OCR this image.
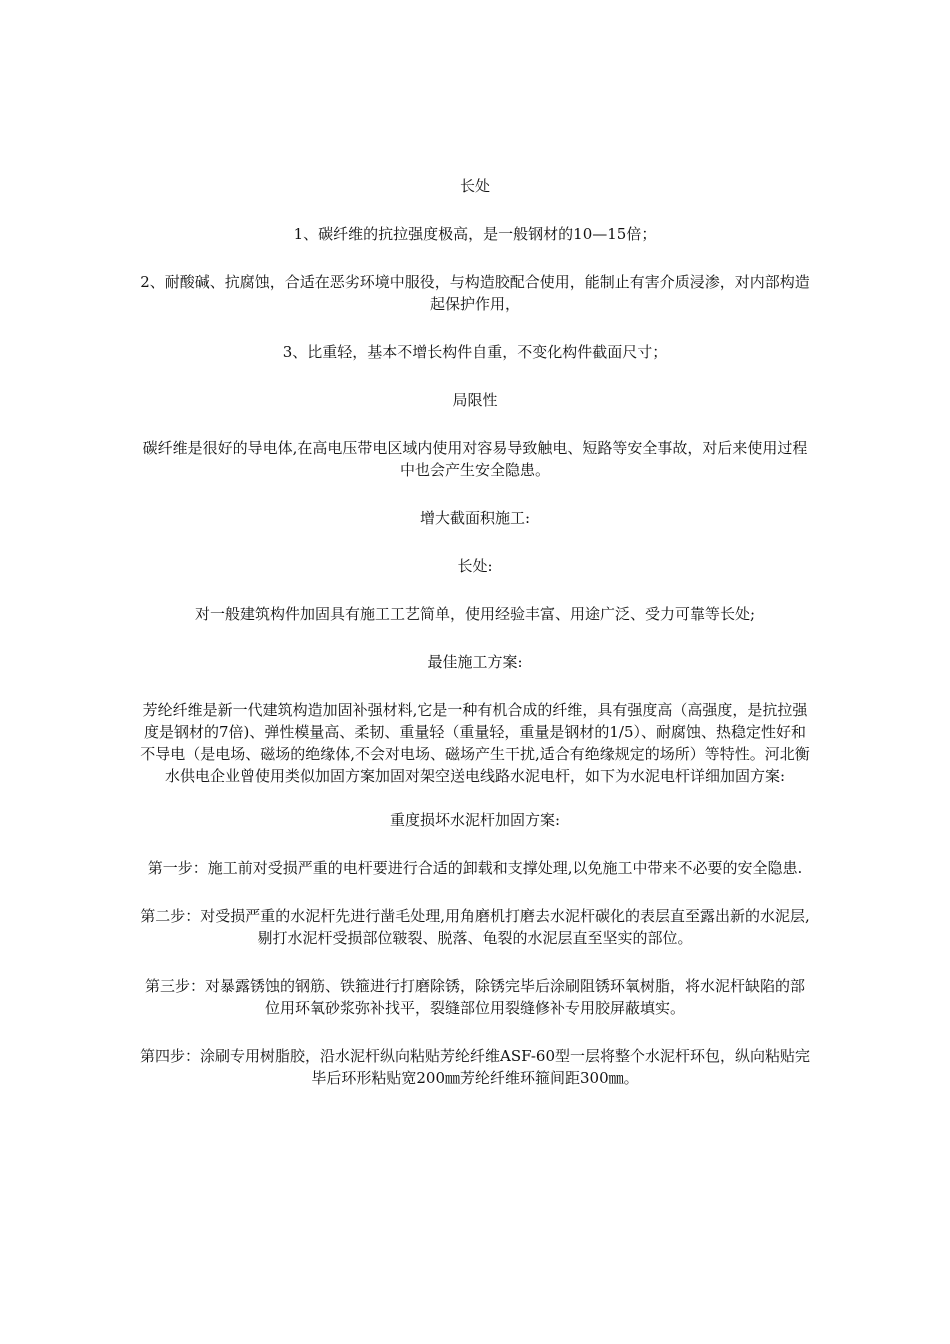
长处

1、碳纤维的抗拉强度极高，是一般钢材的10—15倍；

2、耐酸碱、抗腐蚀，合适在恶劣环境中服役，与构造胶配合使用，能制止有害介质浸渗，对内部构造起保护作用，

3、比重轻，基本不增长构件自重，不变化构件截面尺寸；

局限性

碳纤维是很好的导电体,在高电压带电区域内使用对容易导致触电、短路等安全事故，对后来使用过程中也会产生安全隐患。

增大截面积施工:

长处:

对一般建筑构件加固具有施工工艺简单，使用经验丰富、用途广泛、受力可靠等长处;

最佳施工方案:

芳纶纤维是新一代建筑构造加固补强材料,它是一种有机合成的纤维，具有强度高（高强度，是抗拉强度是钢材的7倍)、弹性模量高、柔韧、重量轻（重量轻，重量是钢材的1/5）、耐腐蚀、热稳定性好和不导电（是电场、磁场的绝缘体,不会对电场、磁场产生干扰,适合有绝缘规定的场所）等特性。河北衡水供电企业曾使用类似加固方案加固对架空送电线路水泥电杆，如下为水泥电杆详细加固方案:

重度损坏水泥杆加固方案:

第一步：施工前对受损严重的电杆要进行合适的卸载和支撑处理,以免施工中带来不必要的安全隐患.

第二步：对受损严重的水泥杆先进行凿毛处理,用角磨机打磨去水泥杆碳化的表层直至露出新的水泥层,剔打水泥杆受损部位皲裂、脱落、龟裂的水泥层直至坚实的部位。

第三步：对暴露锈蚀的钢筋、铁箍进行打磨除锈，除锈完毕后涂刷阻锈环氧树脂，将水泥杆缺陷的部位用环氧砂浆弥补找平，裂缝部位用裂缝修补专用胶屏蔽填实。

第四步：涂刷专用树脂胶，沿水泥杆纵向粘贴芳纶纤维ASF-60型一层将整个水泥杆环包，纵向粘贴完毕后环形粘贴宽200㎜芳纶纤维环箍间距300㎜。
